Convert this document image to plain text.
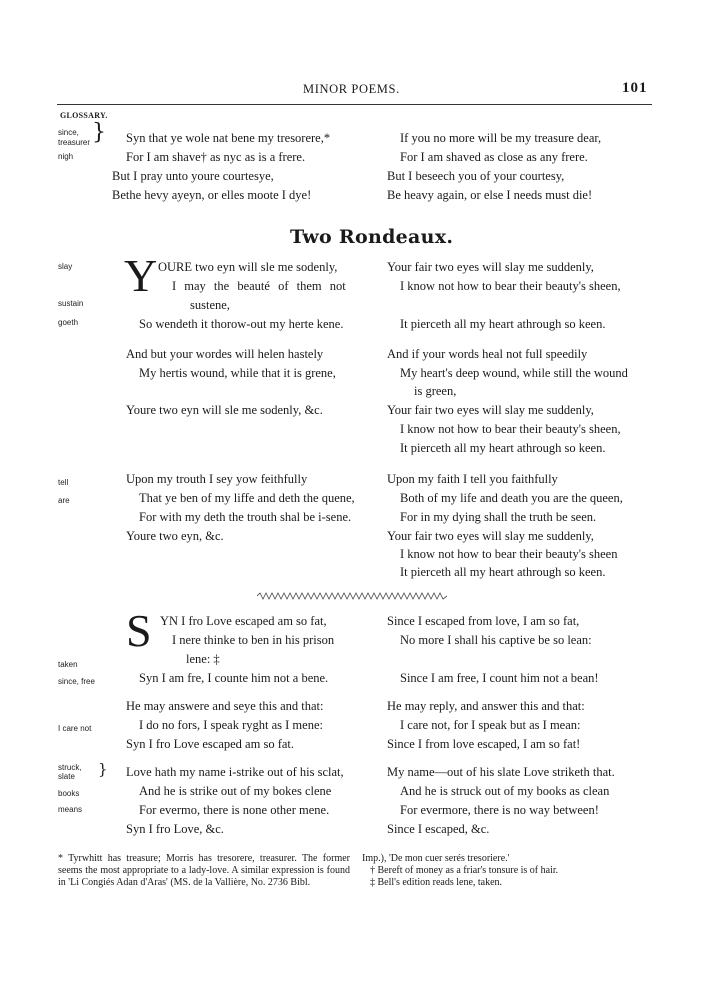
MINOR POEMS.	101
GLOSSARY.
since,
treasurer }
nigh
slay
sustain
goeth
tell
are
taken
since, free
I care not
struck,
slate }
books
means
Syn that ye wole nat bene my tresorere,*
For I am shave† as nyc as is a frere.
But I pray unto youre courtesye,
Bethe hevy ayeyn, or elles moote I dye!
If you no more will be my treasure dear,
For I am shaved as close as any frere.
But I beseech you of your courtesy,
Be heavy again, or else I needs must die!
Two Rondeaux.
Y OURE two eyn will sle me sodenly,
I may the beauté of them not
sustene,
So wendeth it thorow-out my herte kene.
And but your wordes will helen hastely
My hertis wound, while that it is grene,
Youre two eyn will sle me sodenly, &c.
Upon my trouth I sey yow feithfully
That ye ben of my liffe and deth the quene,
For with my deth the trouth shal be i-sene.
Youre two eyn, &c.
Your fair two eyes will slay me suddenly,
I know not how to bear their beauty's sheen,
It pierceth all my heart athrough so keen.
And if your words heal not full speedily
My heart's deep wound, while still the wound
is green,
Your fair two eyes will slay me suddenly,
I know not how to bear their beauty's sheen,
It pierceth all my heart athrough so keen.
Upon my faith I tell you faithfully
Both of my life and death you are the queen,
For in my dying shall the truth be seen.
Your fair two eyes will slay me suddenly,
I know not how to bear their beauty's sheen
It pierceth all my heart athrough so keen.
S YN I fro Love escaped am so fat,
I nere thinke to ben in his prison
lene: ‡
Syn I am fre, I counte him not a bene.
He may answere and seye this and that:
I do no fors, I speak ryght as I mene:
Syn I fro Love escaped am so fat.
Love hath my name i-strike out of his sclat,
And he is strike out of my bokes clene
For evermo, there is none other mene.
Syn I fro Love, &c.
Since I escaped from love, I am so fat,
No more I shall his captive be so lean:
Since I am free, I count him not a bean!
He may reply, and answer this and that:
I care not, for I speak but as I mean:
Since I from love escaped, I am so fat!
My name—out of his slate Love striketh that.
And he is struck out of my books as clean
For evermore, there is no way between!
Since I escaped, &c.
* Tyrwhitt has treasure; Morris has tresorere, treasurer. The former seems the most appropriate to a lady-love. A similar expression is found in 'Li Congiés Adan d'Aras' (MS. de la Vallière, No. 2736 Bibl.
Imp.), 'De mon cuer serés tresoriere.'
† Bereft of money as a friar's tonsure is of hair.
‡ Bell's edition reads lene, taken.
